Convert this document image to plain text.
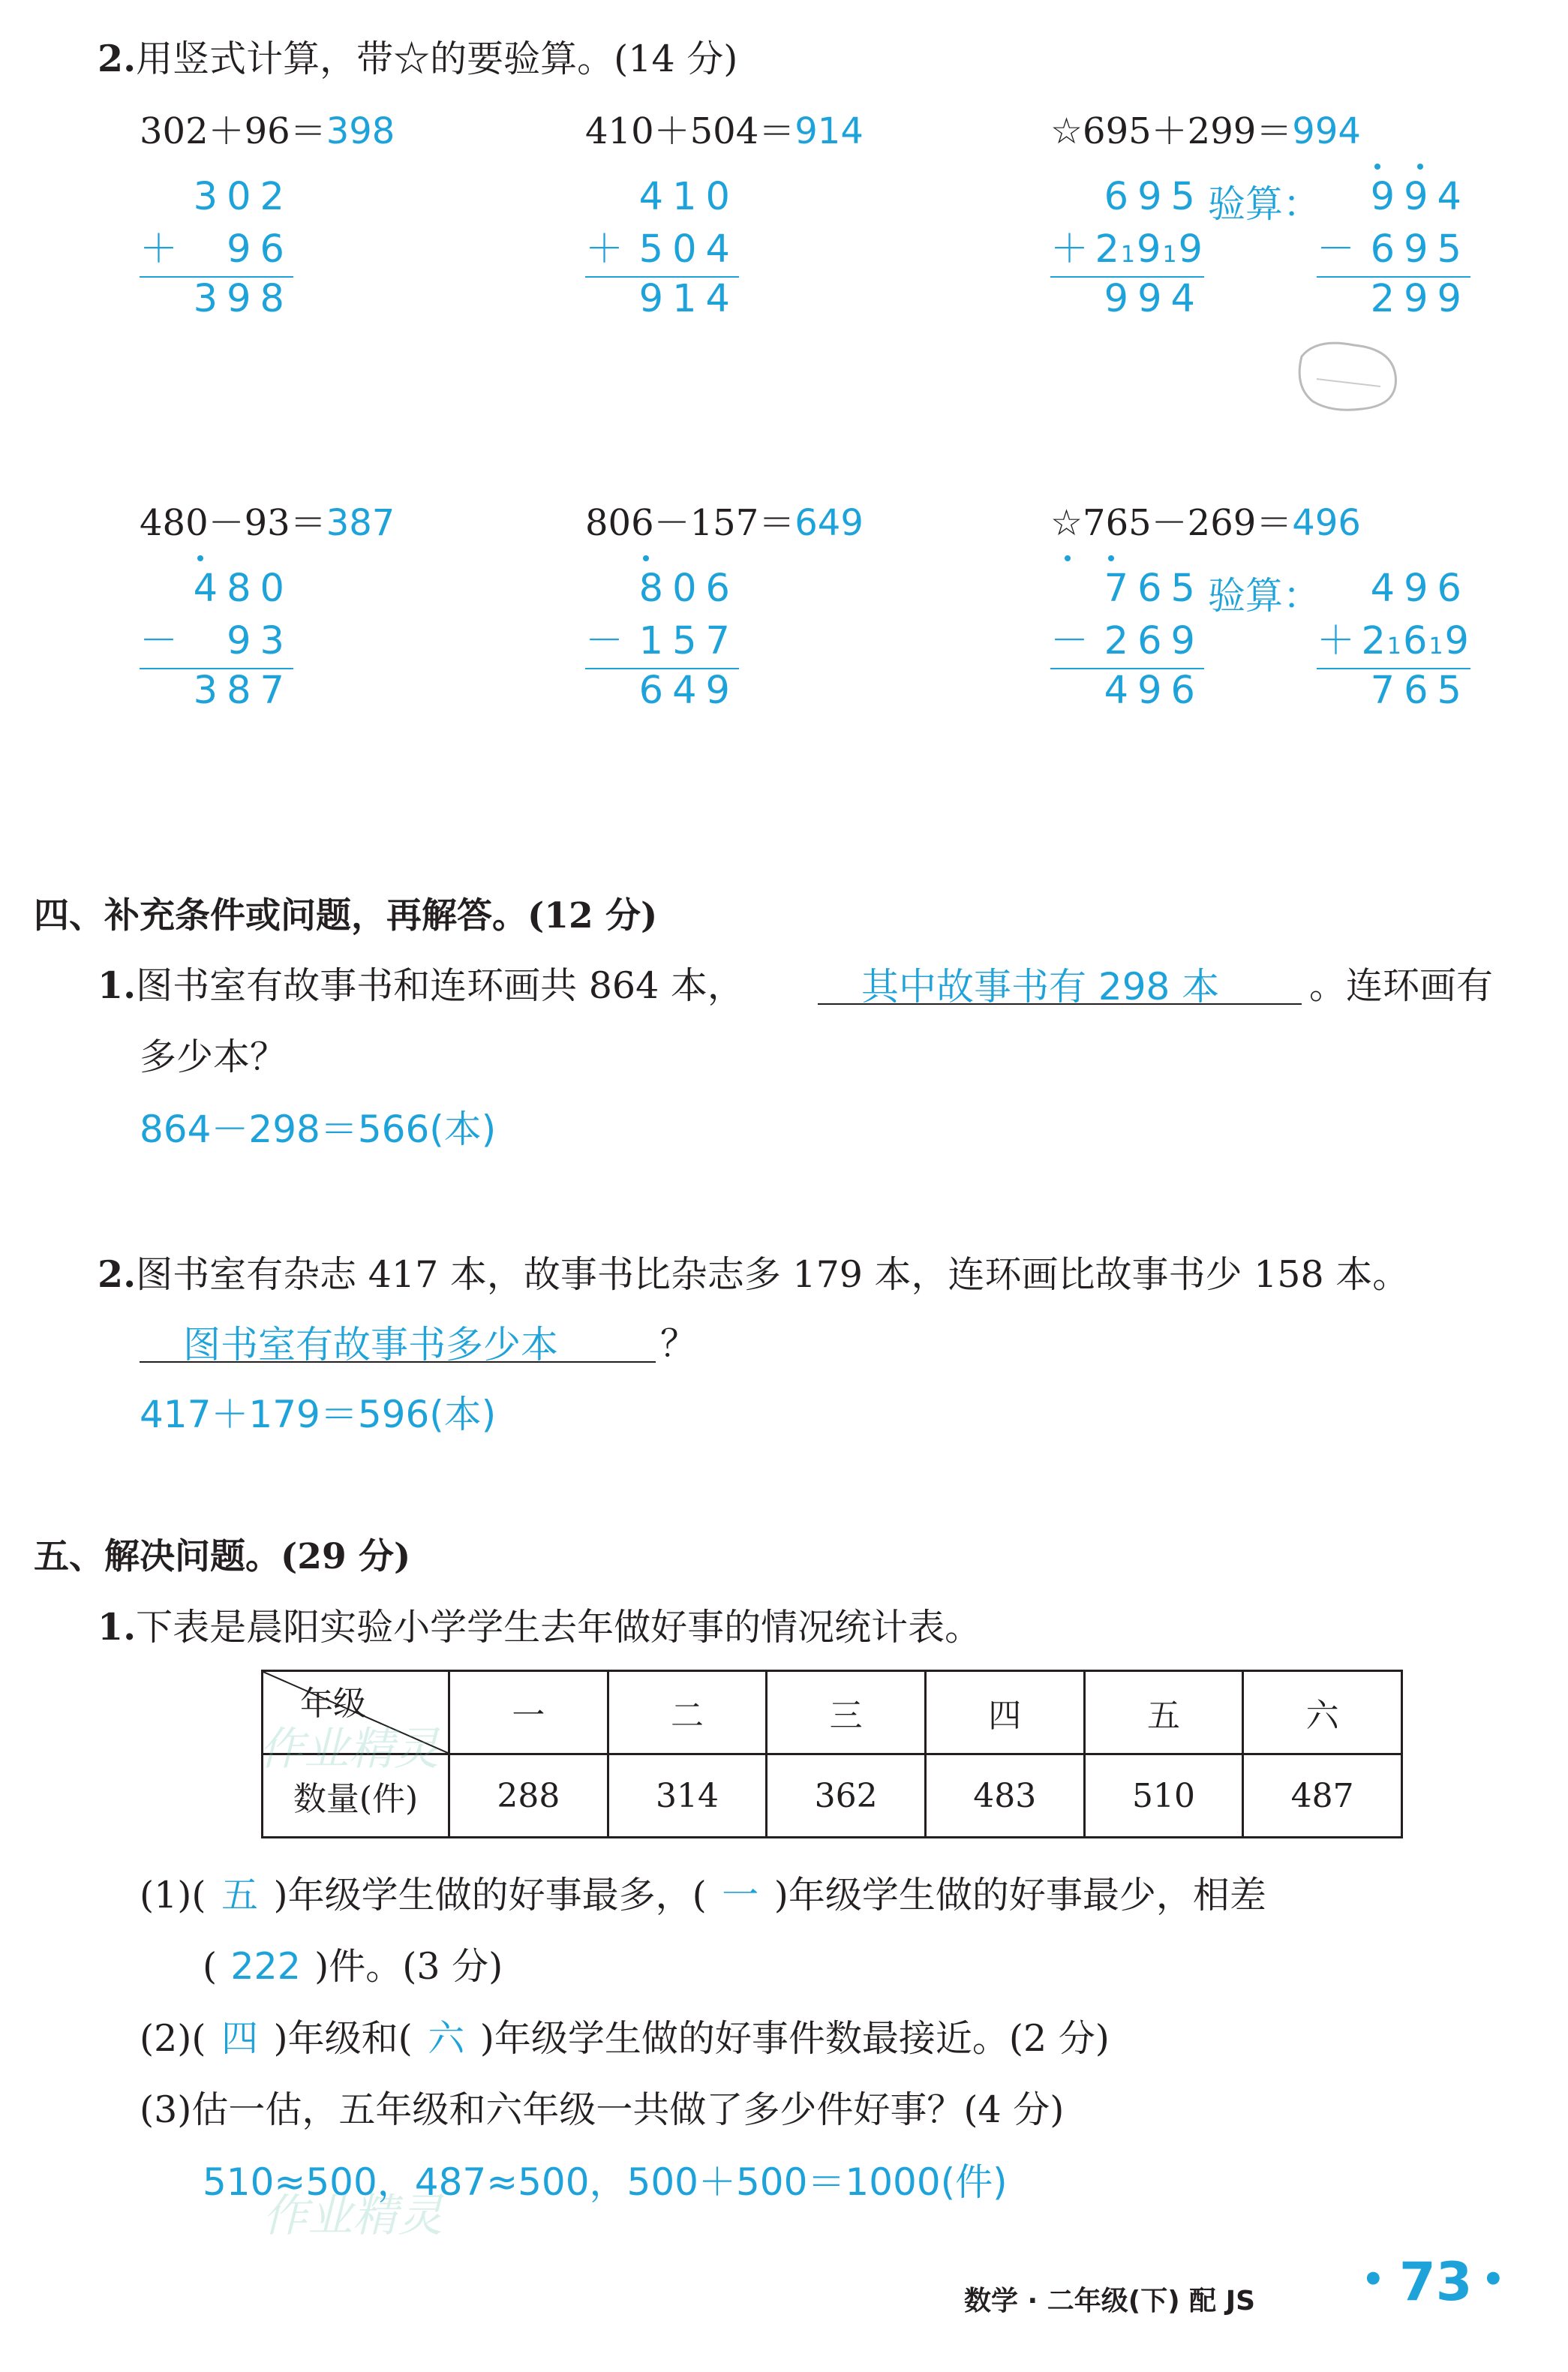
2.用竖式计算，带☆的要验算。(14 分)
302＋96＝398	410＋504＝914	☆695＋299＝994
302
＋ 96
398
410
＋ 504
914
695
＋ 21919
994
验算： 994
－ 695
299
480－93＝387	806－157＝649	☆765－269＝496
480
－ 93
387
806
－ 157
649
765
－ 269
496
验算： 496
＋ 21619
765
四、补充条件或问题，再解答。(12 分)
1.图书室有故事书和连环画共 864 本，	其中故事书有 298 本 。连环画有
多少本？
864－298＝566(本)
2.图书室有杂志 417 本，故事书比杂志多 179 本，连环画比故事书少 158 本。
图书室有故事书多少本	？
417＋179＝596(本)
五、解决问题。(29 分)
1.下表是晨阳实验小学学生去年做好事的情况统计表。
年级	一	二	三	四	五	六
数量(件)	288	314	362	483	510	487
作业精灵
(1)( 五 )年级学生做的好事最多，( 一 )年级学生做的好事最少，相差
( 222 )件。(3 分)
(2)( 四 )年级和( 六 )年级学生做的好事件数最接近。(2 分)
(3)估一估，五年级和六年级一共做了多少件好事？(4 分)
510≈500，487≈500，500＋500＝1000(件)
作业精灵
数学 · 二年级(下) 配 JS
• 73 •
